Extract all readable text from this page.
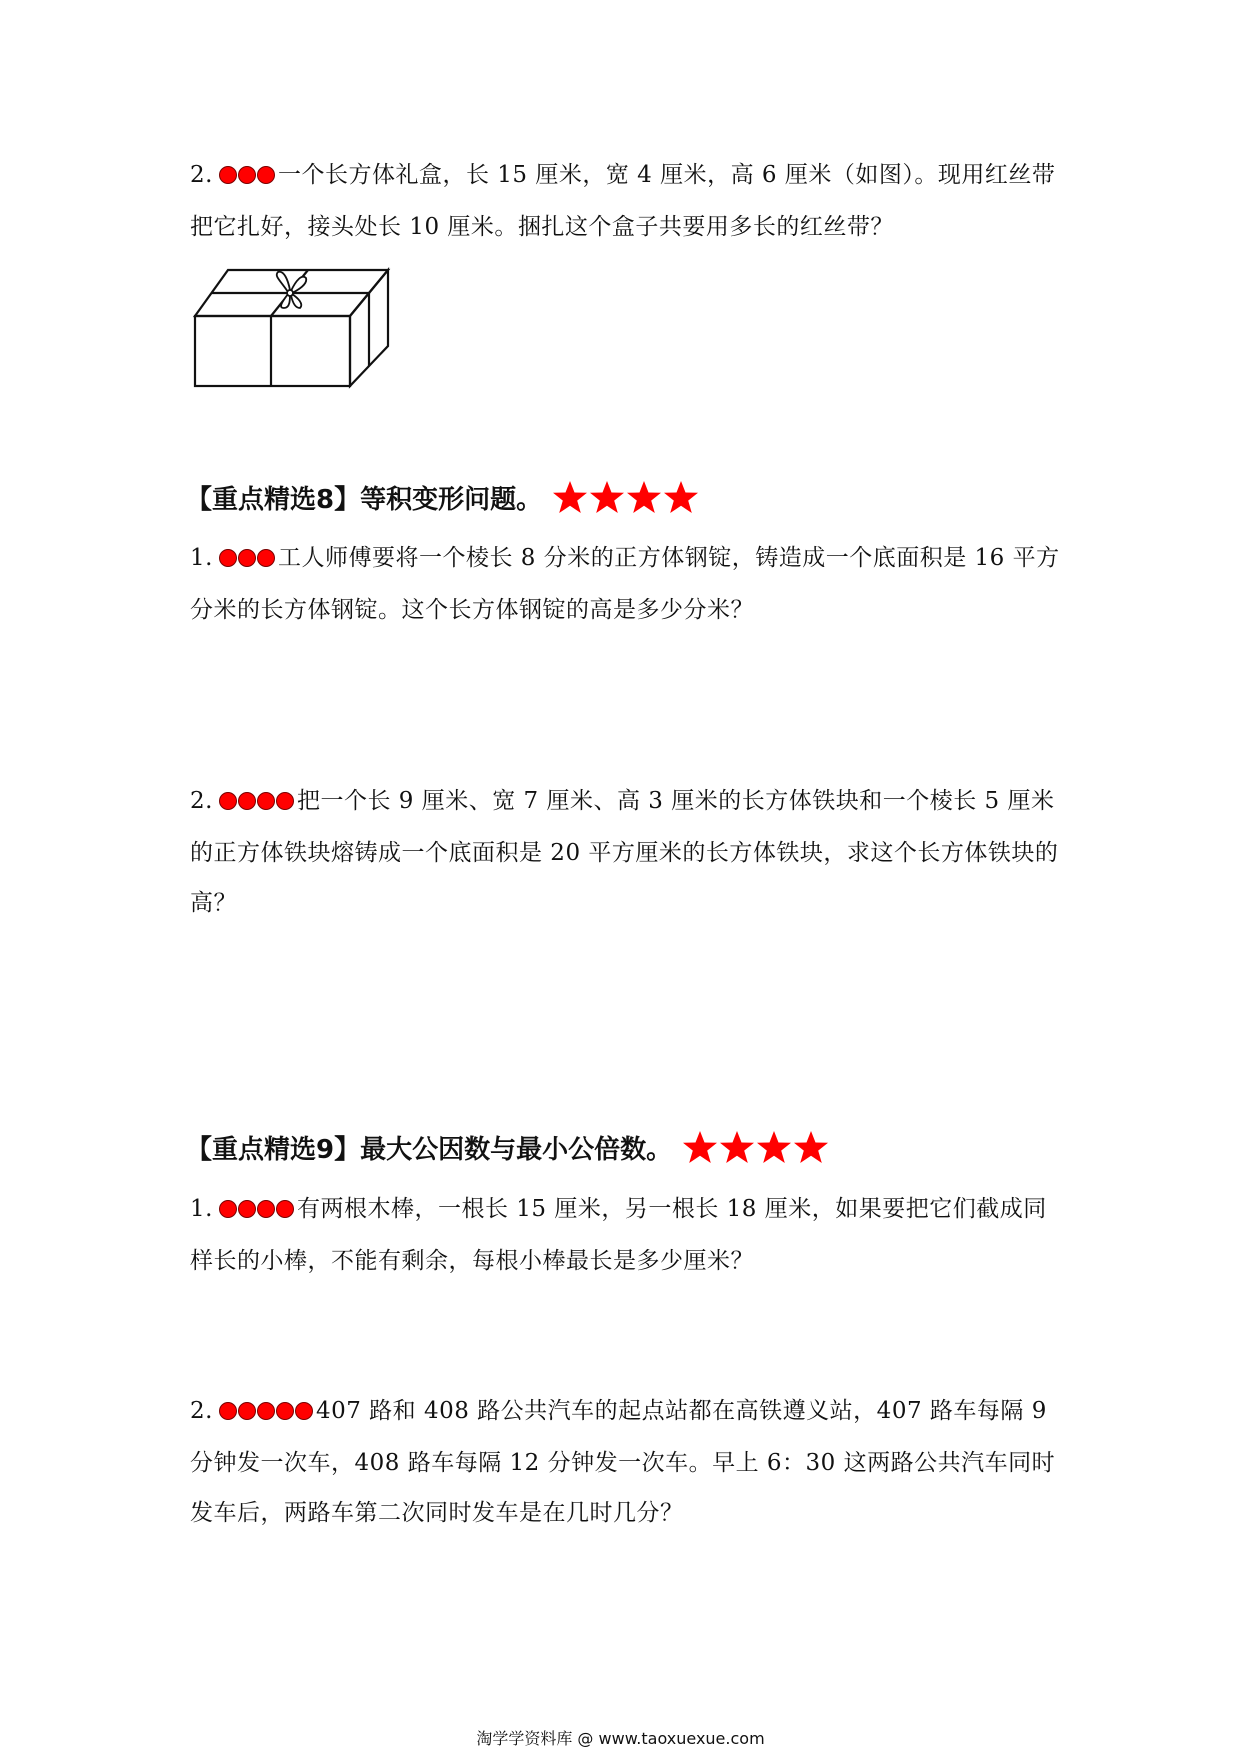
2.	一个长方体礼盒，长 15 厘米，宽 4 厘米，高 6 厘米（如图）。现用红丝带把它扎好，接头处长 10 厘米。捆扎这个盒子共要用多长的红丝带？
【重点精选8】等积变形问题。
1.	工人师傅要将一个棱长 8 分米的正方体钢锭，铸造成一个底面积是 16 平方分米的长方体钢锭。这个长方体钢锭的高是多少分米？
2.	把一个长 9 厘米、宽 7 厘米、高 3 厘米的长方体铁块和一个棱长 5 厘米的正方体铁块熔铸成一个底面积是 20 平方厘米的长方体铁块，求这个长方体铁块的高？
【重点精选9】最大公因数与最小公倍数。
1.	有两根木棒，一根长 15 厘米，另一根长 18 厘米，如果要把它们截成同样长的小棒，不能有剩余，每根小棒最长是多少厘米？
2.	407 路和 408 路公共汽车的起点站都在高铁遵义站，407 路车每隔 9 分钟发一次车，408 路车每隔 12 分钟发一次车。早上 6：30 这两路公共汽车同时发车后，两路车第二次同时发车是在几时几分？
淘学学资料库 @ www.taoxuexue.com
